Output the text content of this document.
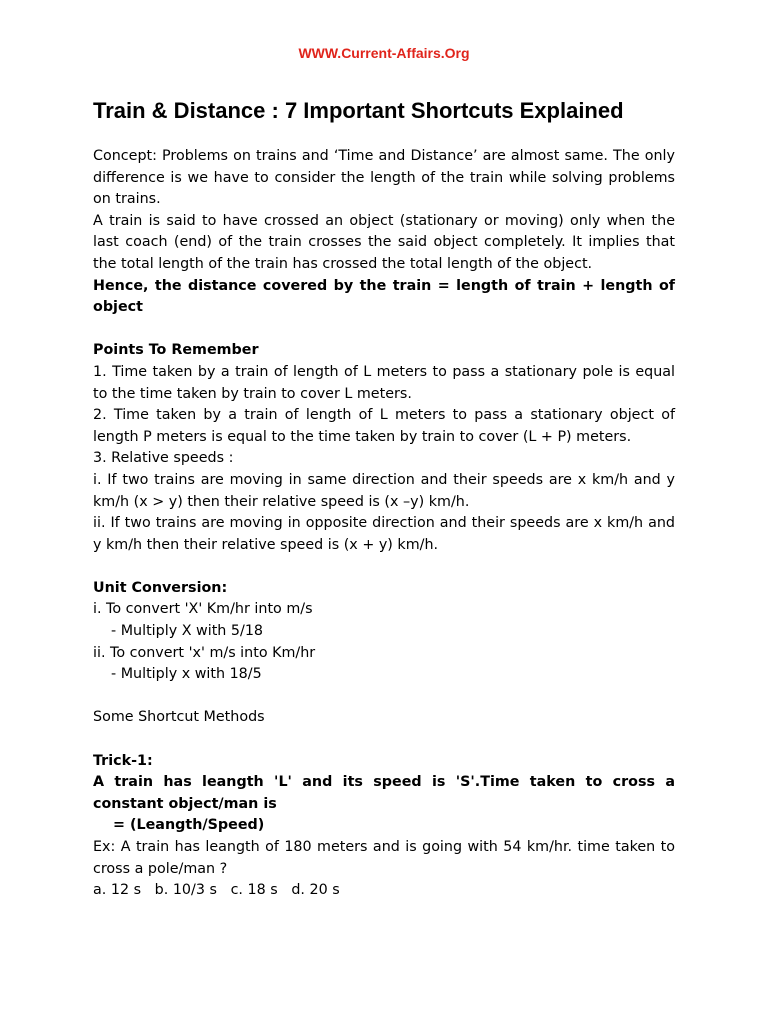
WWW.Current-Affairs.Org
Train & Distance : 7 Important Shortcuts Explained

Concept: Problems on trains and ‘Time and Distance’ are almost same. The only difference is we have to consider the length of the train while solving problems on trains.

A train is said to have crossed an object (stationary or moving) only when the last coach (end) of the train crosses the said object completely. It implies that the total length of the train has crossed the total length of the object.

Hence, the distance covered by the train = length of train + length of object

Points To Remember

1. Time taken by a train of length of L meters to pass a stationary pole is equal to the time taken by train to cover L meters.

2. Time taken by a train of length of L meters to pass a stationary object of length P meters is equal to the time taken by train to cover (L + P) meters.

3. Relative speeds :

i. If two trains are moving in same direction and their speeds are x km/h and y km/h (x > y) then their relative speed is (x –y) km/h.

ii. If two trains are moving in opposite direction and their speeds are x km/h and y km/h then their relative speed is (x + y) km/h.

Unit Conversion:

i. To convert 'X' Km/hr into m/s

- Multiply X with 5/18

ii. To convert 'x' m/s into Km/hr

- Multiply x with 18/5

Some Shortcut Methods

Trick-1:

A train has leangth 'L' and its speed is 'S'.Time taken to cross a constant object/man is

= (Leangth/Speed)

Ex: A train has leangth of 180 meters and is going with 54 km/hr. time taken to cross a pole/man ?

a. 12 s   b. 10/3 s   c. 18 s   d. 20 s
